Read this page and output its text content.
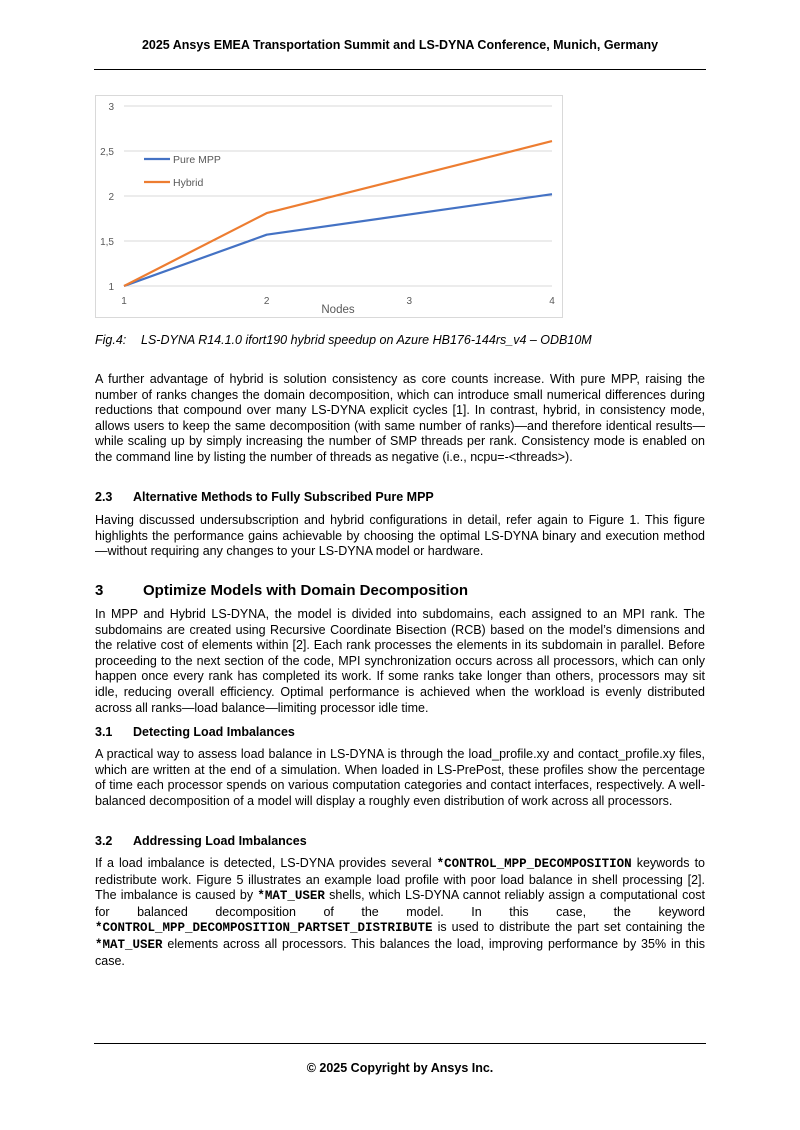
2025 Ansys EMEA Transportation Summit and LS-DYNA Conference, Munich, Germany
1
1,5
2
2,5
3
1	2	3	4
Nodes
Pure MPP
Hybrid
Fig.4: LS-DYNA R14.1.0 ifort190 hybrid speedup on Azure HB176-144rs_v4 – ODB10M
A further advantage of hybrid is solution consistency as core counts increase. With pure MPP, raising the number of ranks changes the domain decomposition, which can introduce small numerical differences during reductions that compound over many LS-DYNA explicit cycles [1]. In contrast, hybrid, in consistency mode, allows users to keep the same decomposition (with same number of ranks)—and therefore identical results—while scaling up by simply increasing the number of SMP threads per rank. Consistency mode is enabled on the command line by listing the number of threads as negative (i.e., ncpu=-<threads>).
2.3 Alternative Methods to Fully Subscribed Pure MPP
Having discussed undersubscription and hybrid configurations in detail, refer again to Figure 1. This figure highlights the performance gains achievable by choosing the optimal LS-DYNA binary and execution method—without requiring any changes to your LS-DYNA model or hardware.
3	Optimize Models with Domain Decomposition
In MPP and Hybrid LS-DYNA, the model is divided into subdomains, each assigned to an MPI rank. The subdomains are created using Recursive Coordinate Bisection (RCB) based on the model’s dimensions and the relative cost of elements within [2]. Each rank processes the elements in its subdomain in parallel. Before proceeding to the next section of the code, MPI synchronization occurs across all processors, which can only happen once every rank has completed its work. If some ranks take longer than others, processors may sit idle, reducing overall efficiency. Optimal performance is achieved when the workload is evenly distributed across all ranks—load balance—limiting processor idle time.
3.1 Detecting Load Imbalances
A practical way to assess load balance in LS-DYNA is through the load_profile.xy and contact_profile.xy files, which are written at the end of a simulation. When loaded in LS-PrePost, these profiles show the percentage of time each processor spends on various computation categories and contact interfaces, respectively. A well-balanced decomposition of a model will display a roughly even distribution of work across all processors.
3.2 Addressing Load Imbalances
If a load imbalance is detected, LS-DYNA provides several *CONTROL_MPP_DECOMPOSITION keywords to redistribute work. Figure 5 illustrates an example load profile with poor load balance in shell processing [2]. The imbalance is caused by *MAT_USER shells, which LS-DYNA cannot reliably assign a computational cost for balanced decomposition of the model. In this case, the keyword *CONTROL_MPP_DECOMPOSITION_PARTSET_DISTRIBUTE is used to distribute the part set containing the *MAT_USER elements across all processors. This balances the load, improving performance by 35% in this case.
© 2025 Copyright by Ansys Inc.
